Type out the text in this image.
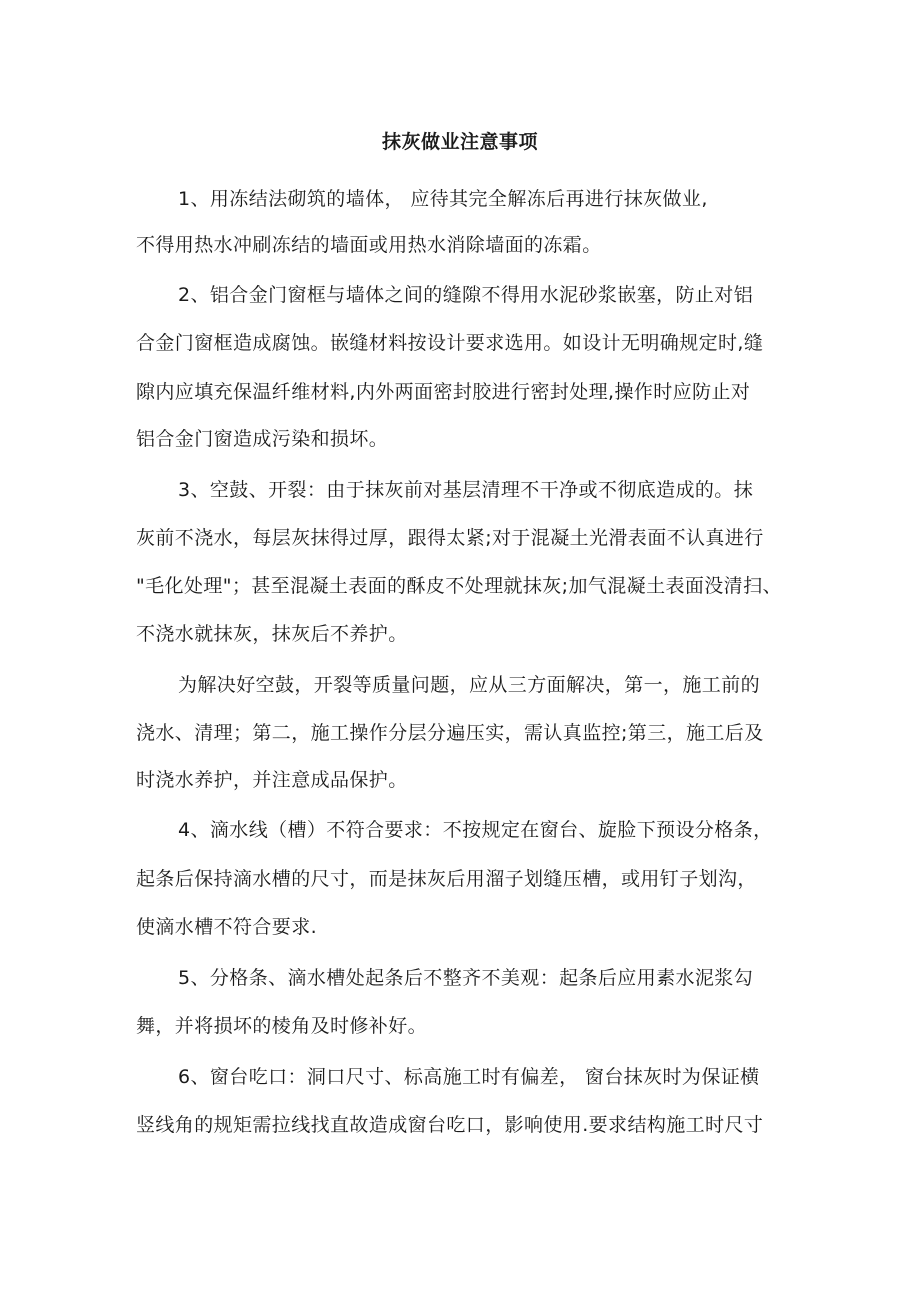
抹灰做业注意事项
1、用冻结法砌筑的墙体， 应待其完全解冻后再进行抹灰做业,
不得用热水冲刷冻结的墙面或用热水消除墙面的冻霜。
2、铝合金门窗框与墙体之间的缝隙不得用水泥砂浆嵌塞，防止对铝
合金门窗框造成腐蚀。嵌缝材料按设计要求选用。如设计无明确规定时,缝
隙内应填充保温纤维材料,内外两面密封胶进行密封处理,操作时应防止对
铝合金门窗造成污染和损坏。
3、空鼓、开裂：由于抹灰前对基层清理不干净或不彻底造成的。抹
灰前不浇水，每层灰抹得过厚，跟得太紧;对于混凝土光滑表面不认真进行
"毛化处理"；甚至混凝土表面的酥皮不处理就抹灰;加气混凝土表面没清扫、
不浇水就抹灰，抹灰后不养护。
为解决好空鼓，开裂等质量问题，应从三方面解决，第一，施工前的
浇水、清理；第二，施工操作分层分遍压实，需认真监控;第三，施工后及
时浇水养护，并注意成品保护。
4、滴水线（槽）不符合要求：不按规定在窗台、旋脸下预设分格条，
起条后保持滴水槽的尺寸，而是抹灰后用溜子划缝压槽，或用钉子划沟，
使滴水槽不符合要求.
5、分格条、滴水槽处起条后不整齐不美观：起条后应用素水泥浆勾
舞，并将损坏的棱角及时修补好。
6、窗台吃口：洞口尺寸、标高施工时有偏差， 窗台抹灰时为保证横
竖线角的规矩需拉线找直故造成窗台吃口，影响使用.要求结构施工时尺寸
